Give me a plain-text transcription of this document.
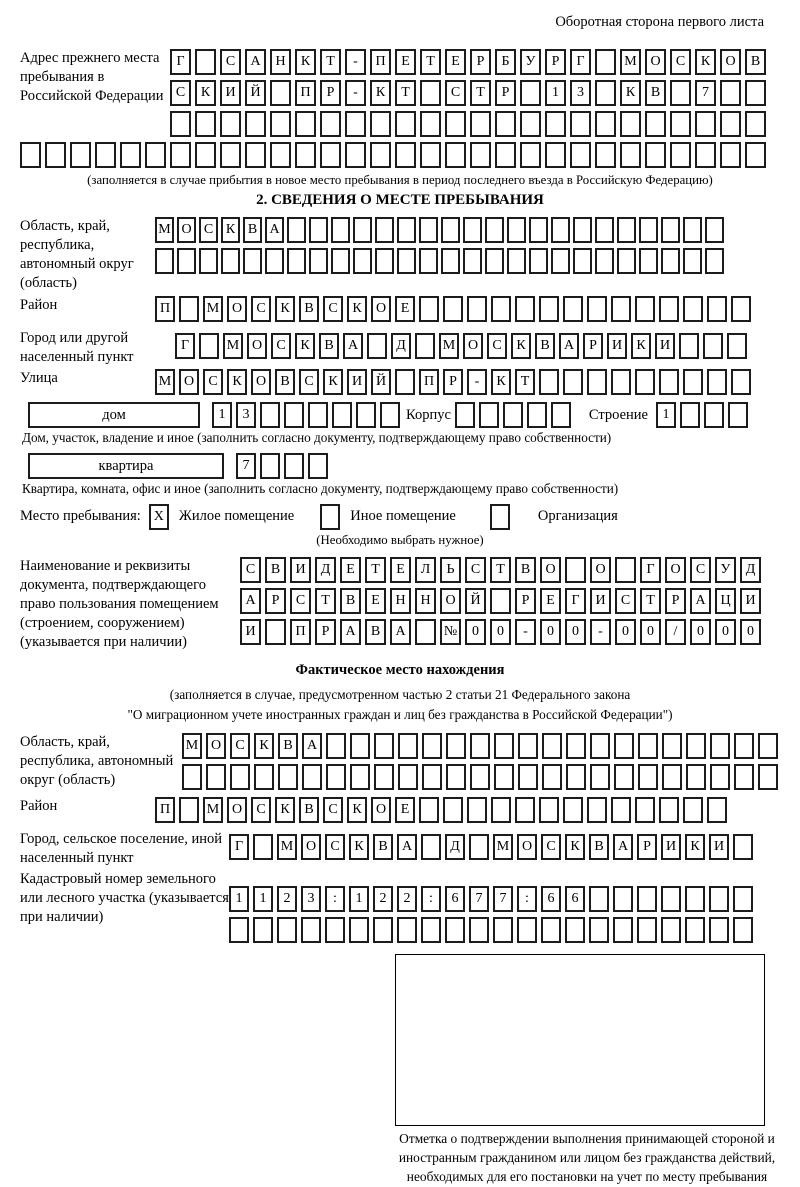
Оборотная сторона первого листа
Адрес прежнего места пребывания в Российской Федерации
Г	С	А	Н	К	Т	-	П	Е	Т	Е	Р	Б	У	Р	Г	М О	С	К	О	В
С	К	И	Й	П	Р	-	К	Т	С	Т	Р	1	3	К	В	7
(заполняется в случае прибытия в новое место пребывания в период последнего въезда в Российскую Федерацию)
2. СВЕДЕНИЯ О МЕСТЕ ПРЕБЫВАНИЯ
Область, край, республика, автономный округ (область)
М О С К В А
Район	П	М О	С	К	В	С	К	О	Е
Город или другой населенный пункт
Г	М О	С	К	В	А	Д	М О	С	К	В	А	Р	И	К	И
Улица	М О	С	К	О	В	С	К	И Й	П	Р	-	К	Т
дом	1	3	Корпус	Строение	1
Дом, участок, владение и иное (заполнить согласно документу, подтверждающему право собственности)
квартира	7
Квартира, комната, офис и иное (заполнить согласно документу, подтверждающему право собственности)
Место пребывания: X	Жилое помещение	Иное помещение	Организация
(Необходимо выбрать нужное)
Наименование и реквизиты документа, подтверждающего право пользования помещением (строением, сооружением) (указывается при наличии)
С	В	И	Д	Е	Т	Е	Л	Ь	С	Т	В	О	О	Г	О	С	У	Д
А	Р	С	Т	В	Е	Н	Н	О	Й	Р	Е	Г	И	С	Т	Р	А	Ц	И
И	П	Р	А	В	А	№	0	0	-	0	0	-	0	0	/	0	0	0
Фактическое место нахождения
(заполняется в случае, предусмотренном частью 2 статьи 21 Федерального закона
"О миграционном учете иностранных граждан и лиц без гражданства в Российской Федерации")
Область, край, республика, автономный округ (область)
М О	С	К	В	А
Район	П	М О	С	К	В	С	К	О	Е
Город, сельское поселение, иной населенный пункт
Г	М О	С	К	В	А	Д	М О	С	К	В	А	Р	И	К	И
Кадастровый номер земельного или лесного участка (указывается при наличии)
1	1	2	3	:	1	2	2	:	6	7	7	:	6	6
Отметка о подтверждении выполнения принимающей стороной и иностранным гражданином или лицом без гражданства действий, необходимых для его постановки на учет по месту пребывания
